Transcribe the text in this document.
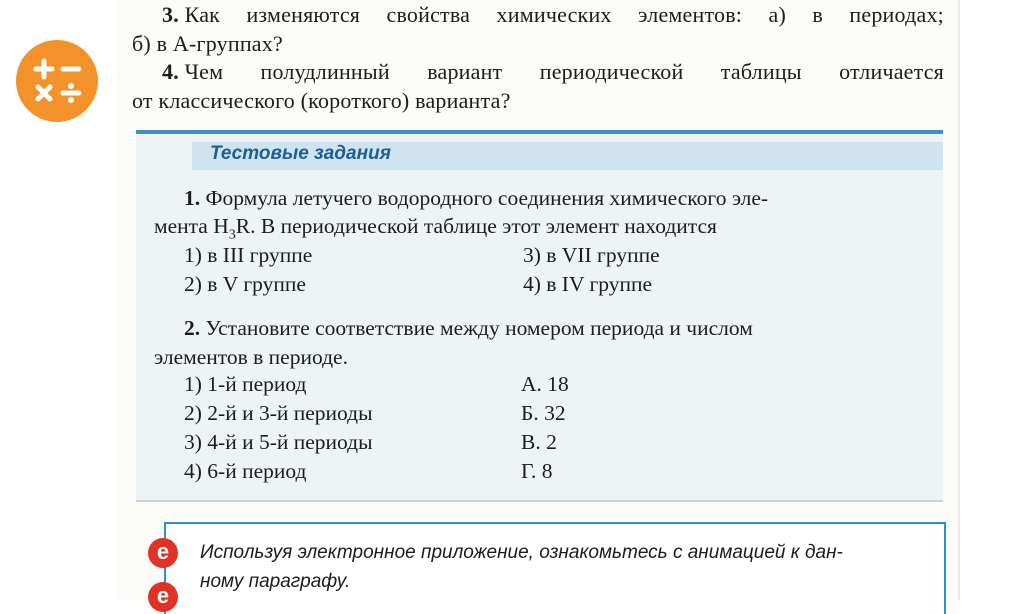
3. Как изменяются свойства химических элементов: а) в периодах;
б) в А-группах?
4. Чем полудлинный вариант периодической таблицы отличается
от классического (короткого) варианта?
Тестовые задания
1. Формула летучего водородного соединения химического эле-
мента $H_3R$. В периодической таблице этот элемент находится
1) в III группе	3) в VII группе
2) в V группе	4) в IV группе
2. Установите соответствие между номером периода и числом
элементов в периоде.
1) 1-й период
2) 2-й и 3-й периоды
3) 4-й и 5-й периоды
4) 6-й период
А. 18
Б. 32
В. 2
Г. 8
Используя электронное приложение, ознакомьтесь с анимацией к дан-
ному параграфу.
е
е
